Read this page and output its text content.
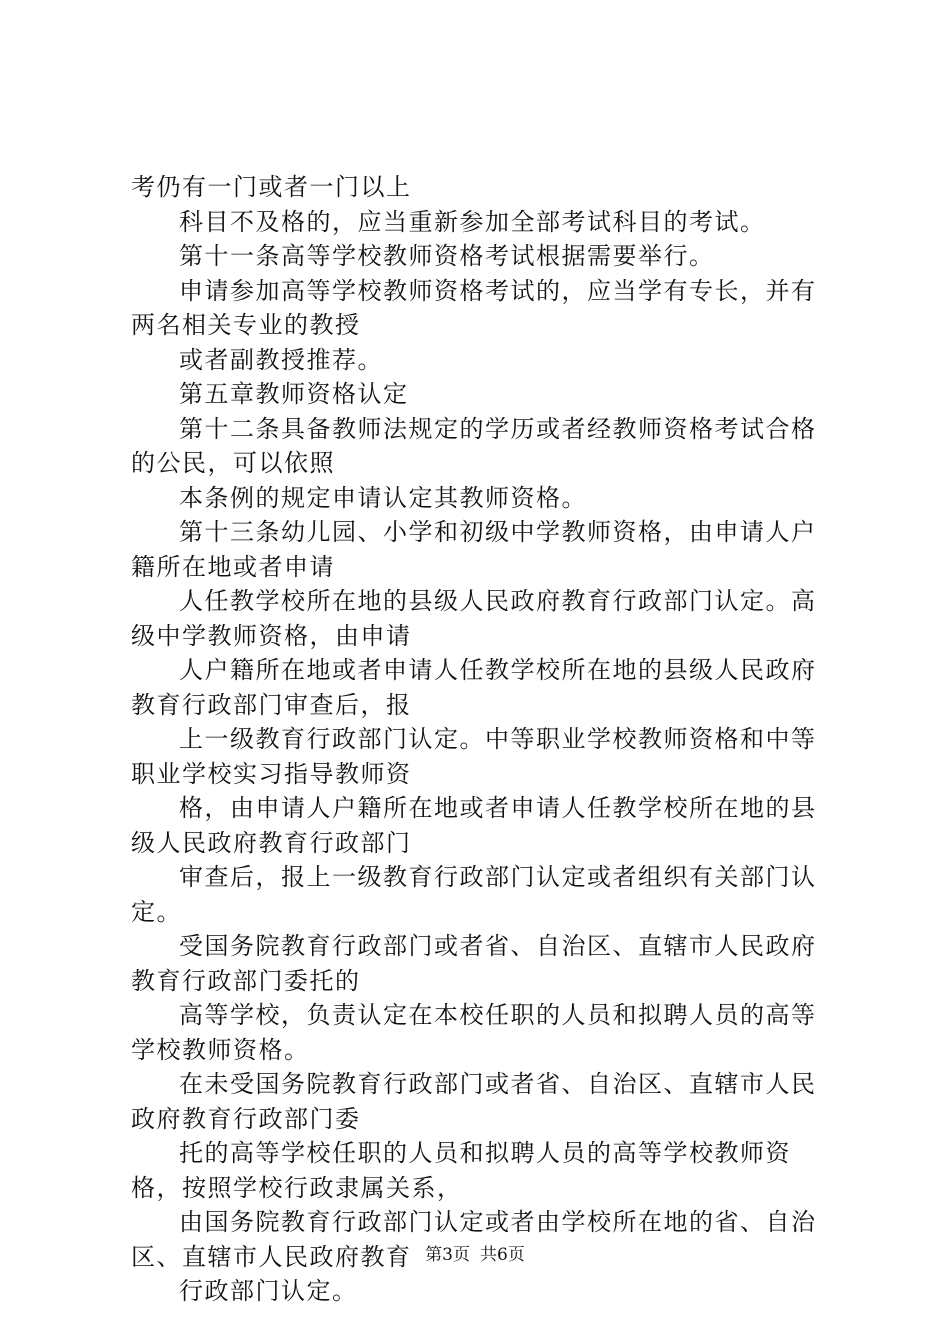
考仍有一门或者一门以上

科目不及格的，应当重新参加全部考试科目的考试。

第十一条高等学校教师资格考试根据需要举行。

申请参加高等学校教师资格考试的，应当学有专长，并有两名相关专业的教授

或者副教授推荐。

第五章教师资格认定

第十二条具备教师法规定的学历或者经教师资格考试合格的公民，可以依照

本条例的规定申请认定其教师资格。

第十三条幼儿园、小学和初级中学教师资格，由申请人户籍所在地或者申请

人任教学校所在地的县级人民政府教育行政部门认定。高级中学教师资格，由申请

人户籍所在地或者申请人任教学校所在地的县级人民政府教育行政部门审查后，报

上一级教育行政部门认定。中等职业学校教师资格和中等职业学校实习指导教师资

格，由申请人户籍所在地或者申请人任教学校所在地的县级人民政府教育行政部门

审查后，报上一级教育行政部门认定或者组织有关部门认定。

受国务院教育行政部门或者省、自治区、直辖市人民政府教育行政部门委托的

高等学校，负责认定在本校任职的人员和拟聘人员的高等学校教师资格。

在未受国务院教育行政部门或者省、自治区、直辖市人民政府教育行政部门委

托的高等学校任职的人员和拟聘人员的高等学校教师资格，按照学校行政隶属关系，

由国务院教育行政部门认定或者由学校所在地的省、自治区、直辖市人民政府教育

行政部门认定。

第3页 共6页
